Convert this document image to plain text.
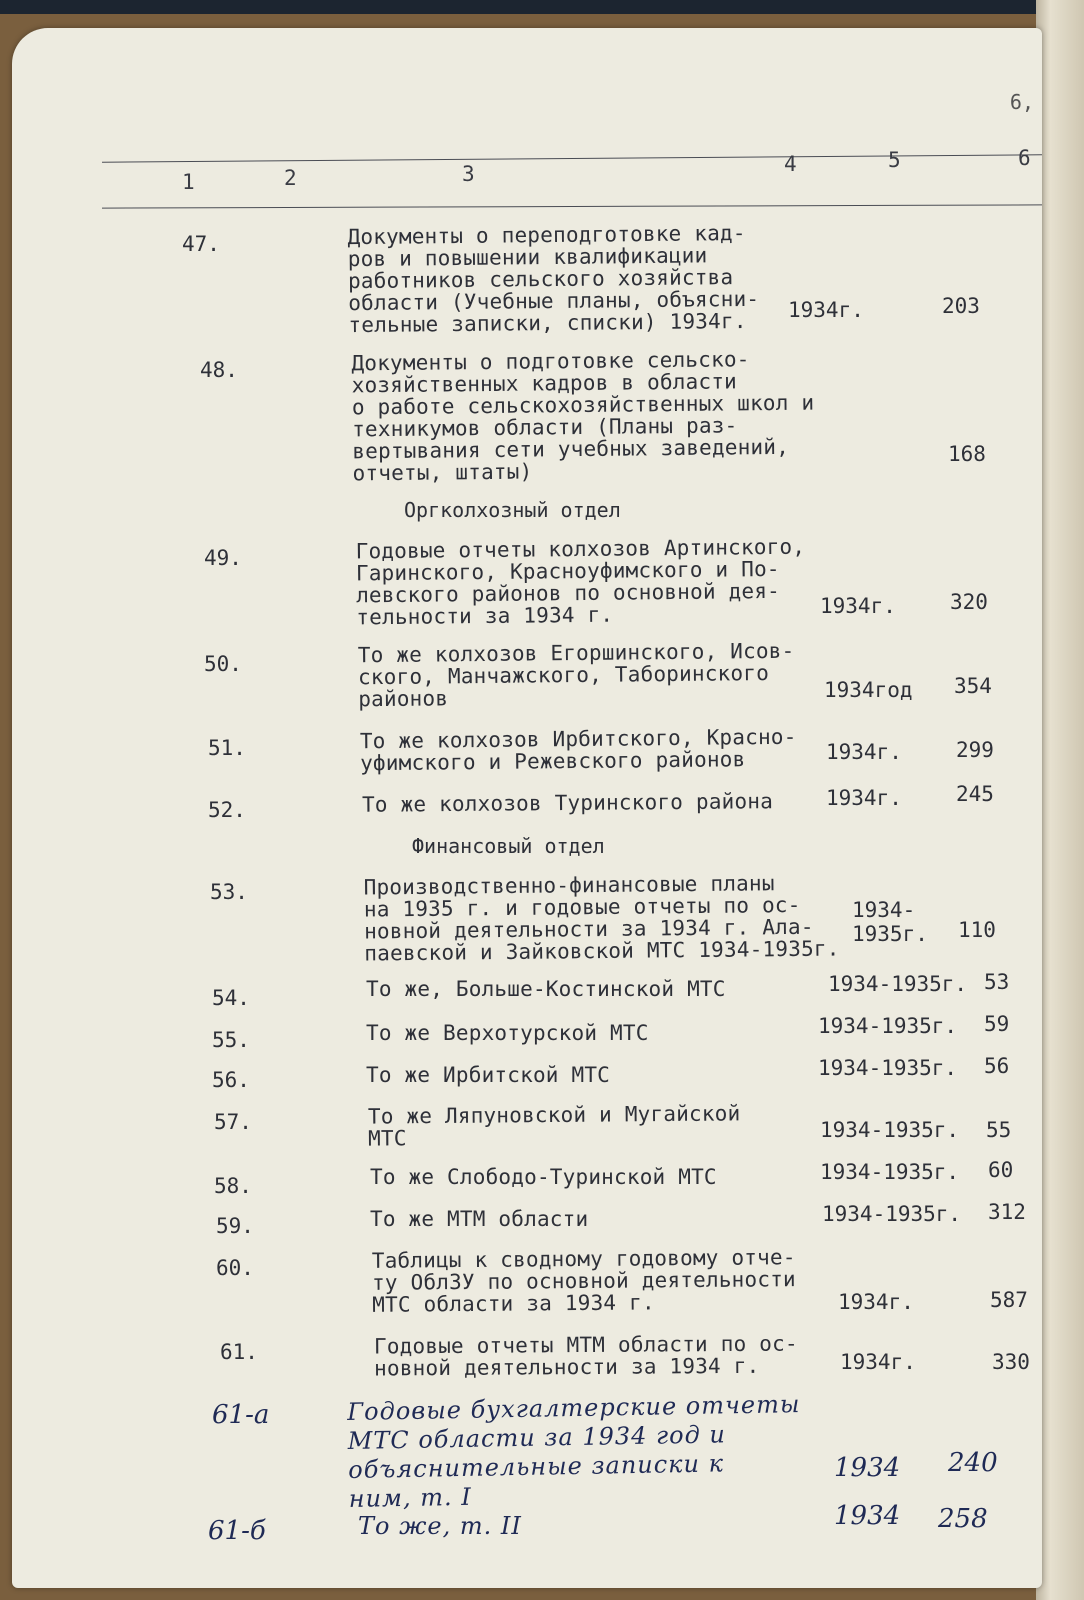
6,
1	2	3	4	5	6
47.	Документы о переподготовке кад-
ров и повышении квалификации
работников сельского хозяйства
области (Учебные планы, объясни-
тельные записки, списки) 1934г.	1934г.	203
48.	Документы о подготовке сельско-
хозяйственных кадров в области
о работе сельскохозяйственных школ и
техникумов области (Планы раз-
вертывания сети учебных заведений,
отчеты, штаты)
168
Оргколхозный отдел
49.	Годовые отчеты колхозов Артинского,
Гаринского, Красноуфимского и По-
левского районов по основной дея-
тельности за 1934 г.	1934г.	320
50.	То же колхозов Егоршинского, Исов-
ского, Манчажского, Таборинского
районов	1934год 354
51.	То же колхозов Ирбитского, Красно-
уфимского и Режевского районов	1934г.	299
52.	То же колхозов Туринского района	1934г.	245
Финансовый отдел
53.	Производственно-финансовые планы
на 1935 г. и годовые отчеты по ос-
новной деятельности за 1934 г. Ала-
паевской и Зайковской МТС 1934-1935г.
1934-
1935г. 110
54.	То же, Больше-Костинской МТС	1934-1935г. 53
55.	То же Верхотурской МТС	1934-1935г. 59
56.	То же Ирбитской МТС	1934-1935г. 56
57.	То же Ляпуновской и Мугайской
МТС	1934-1935г. 55
58.	То же Слободо-Туринской МТС	1934-1935г. 60
59.	То же МТМ области	1934-1935г. 312
60.	Таблицы к сводному годовому отче-
ту ОблЗУ по основной деятельности
МТС области за 1934 г.	1934г.	587
61.	Годовые отчеты МТМ области по ос-
новной деятельности за 1934 г.	1934г.	330
61-а	Годовые бухгалтерские отчеты
МТС области за 1934 год и
объяснительные записки к
ним, т. I
1934 240
61-б	То же, т. II	1934 258
